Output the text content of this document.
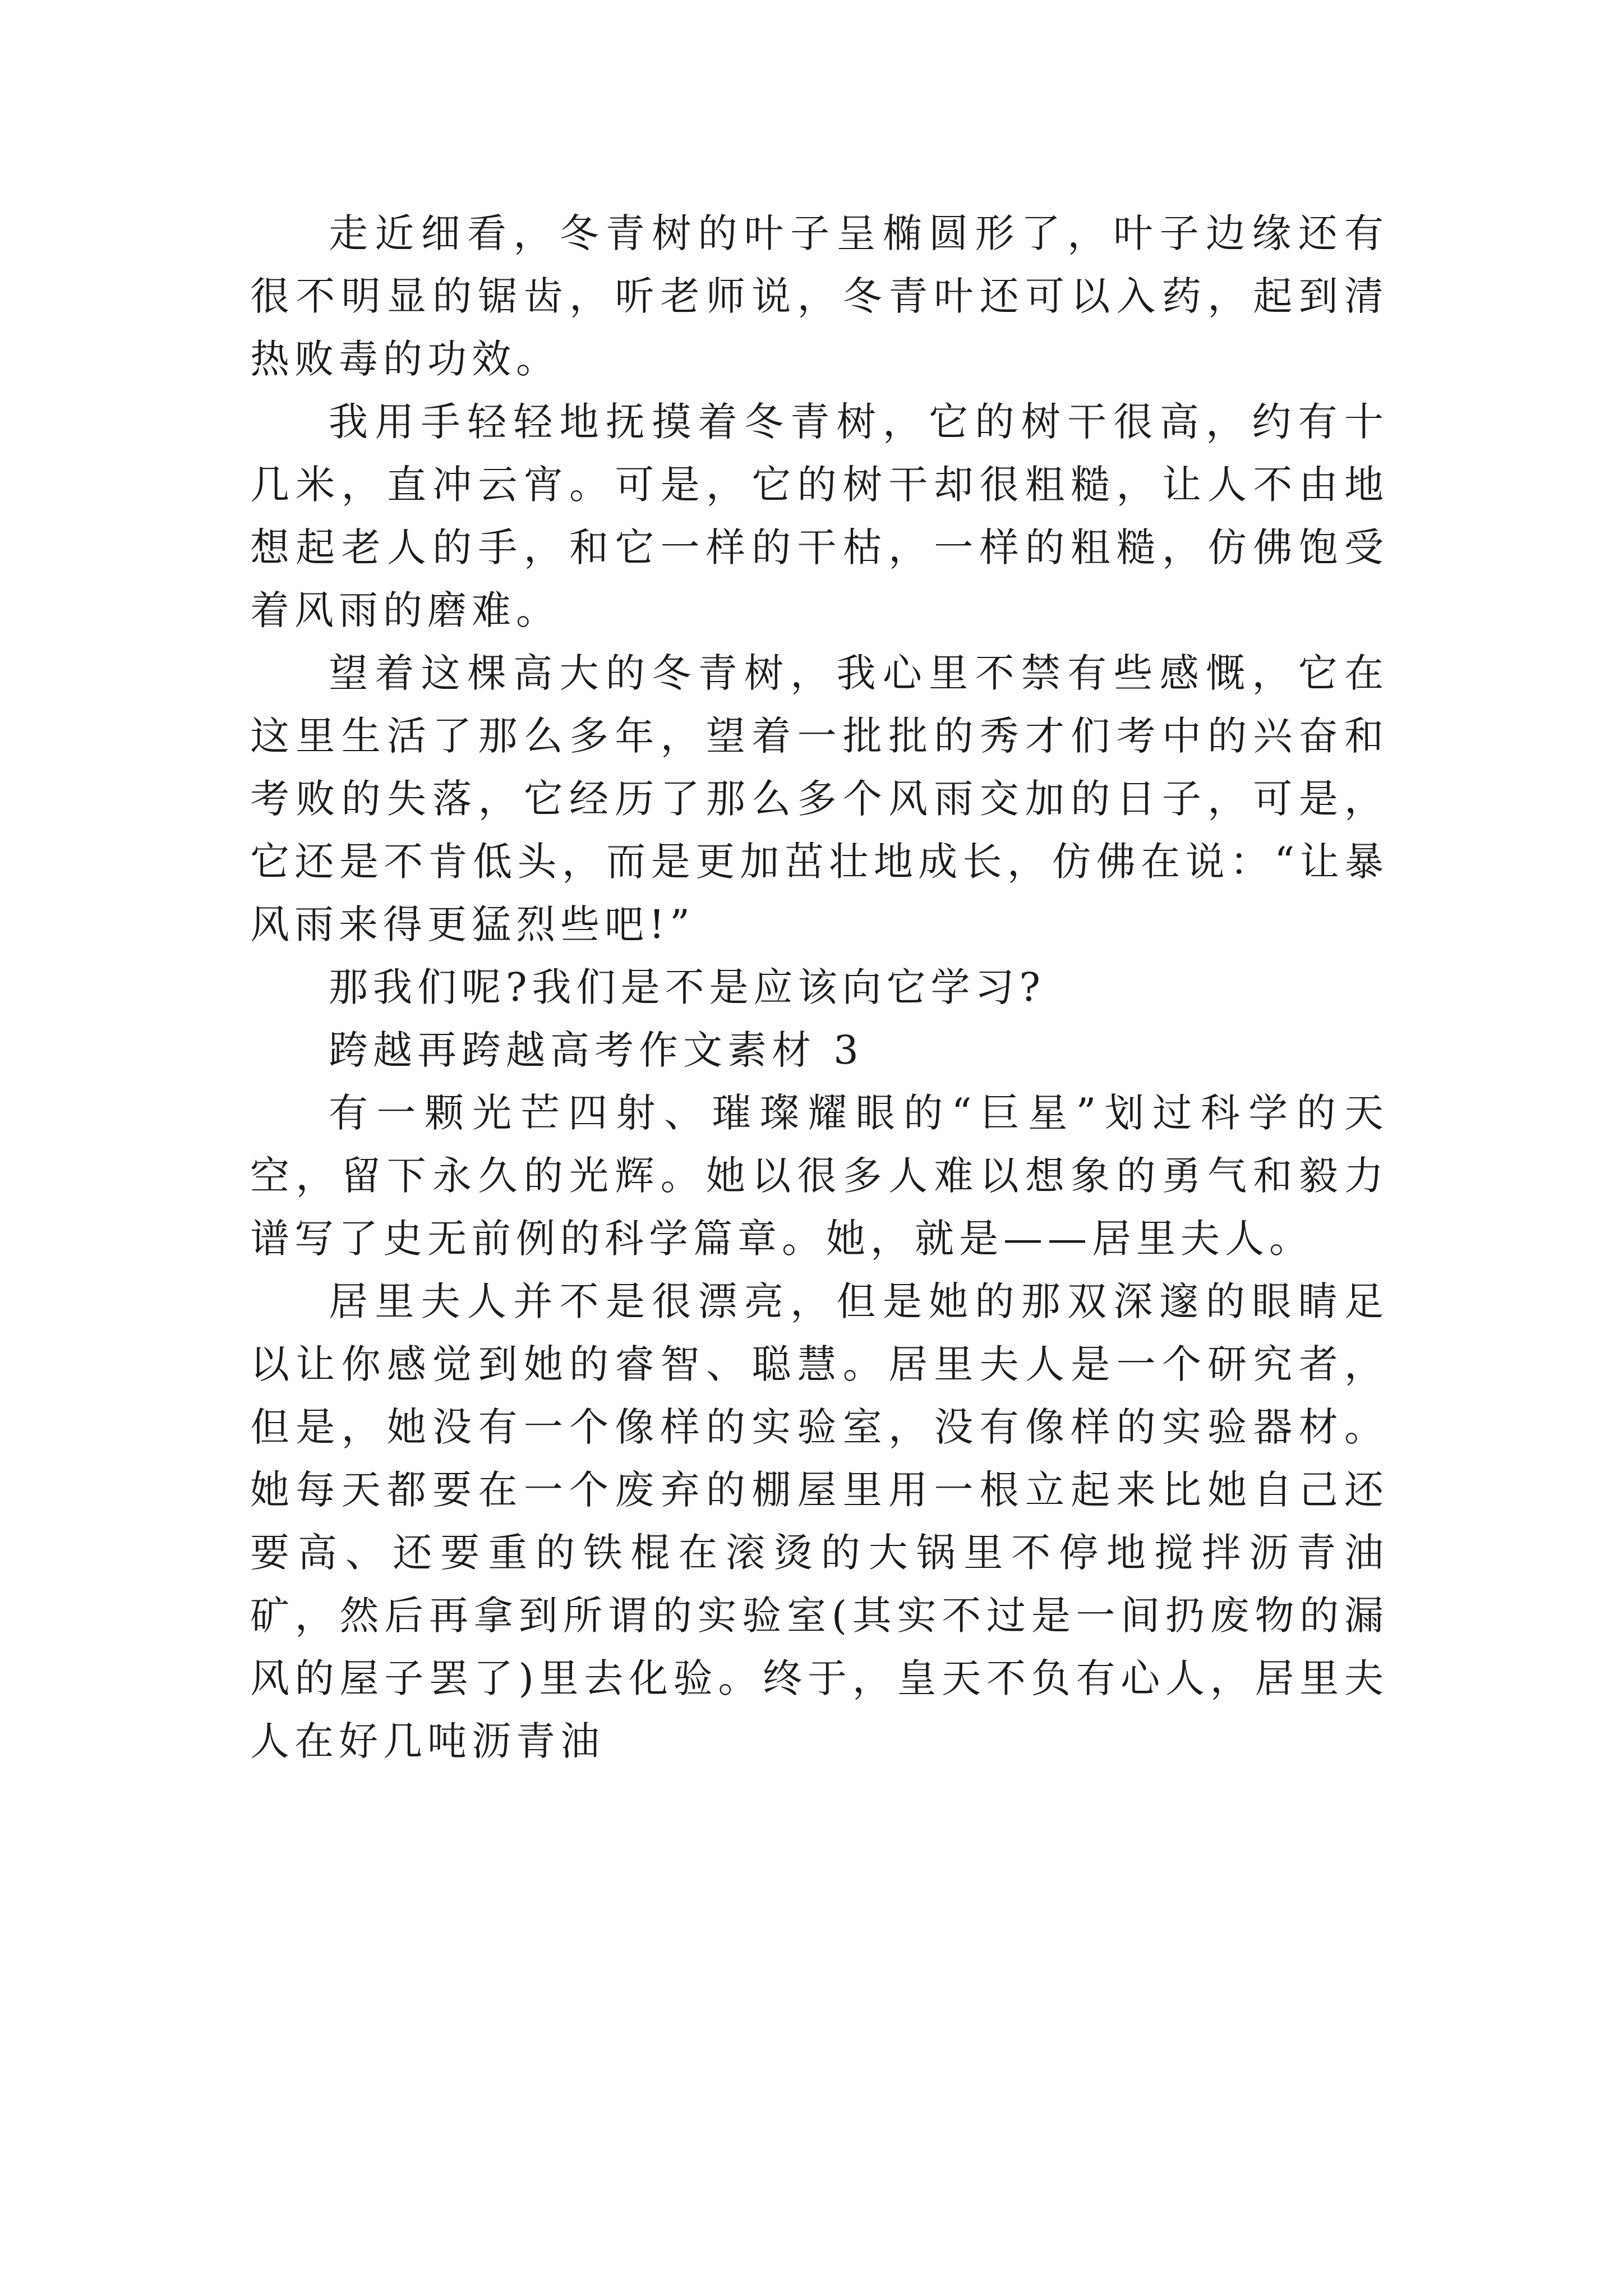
走近细看，冬青树的叶子呈椭圆形了，叶子边缘还有很不明显的锯齿，听老师说，冬青叶还可以入药，起到清热败毒的功效。

我用手轻轻地抚摸着冬青树，它的树干很高，约有十几米，直冲云宵。可是，它的树干却很粗糙，让人不由地想起老人的手，和它一样的干枯，一样的粗糙，仿佛饱受着风雨的磨难。

望着这棵高大的冬青树，我心里不禁有些感慨，它在这里生活了那么多年，望着一批批的秀才们考中的兴奋和考败的失落，它经历了那么多个风雨交加的日子，可是，它还是不肯低头，而是更加茁壮地成长，仿佛在说：“让暴风雨来得更猛烈些吧!”

那我们呢?我们是不是应该向它学习?

跨越再跨越高考作文素材 3

有一颗光芒四射、璀璨耀眼的“巨星”划过科学的天空，留下永久的光辉。她以很多人难以想象的勇气和毅力谱写了史无前例的科学篇章。她，就是——居里夫人。

居里夫人并不是很漂亮，但是她的那双深邃的眼睛足以让你感觉到她的睿智、聪慧。居里夫人是一个研究者，但是，她没有一个像样的实验室，没有像样的实验器材。她每天都要在一个废弃的棚屋里用一根立起来比她自己还要高、还要重的铁棍在滚烫的大锅里不停地搅拌沥青油矿，然后再拿到所谓的实验室(其实不过是一间扔废物的漏风的屋子罢了)里去化验。终于，皇天不负有心人，居里夫人在好几吨沥青油
